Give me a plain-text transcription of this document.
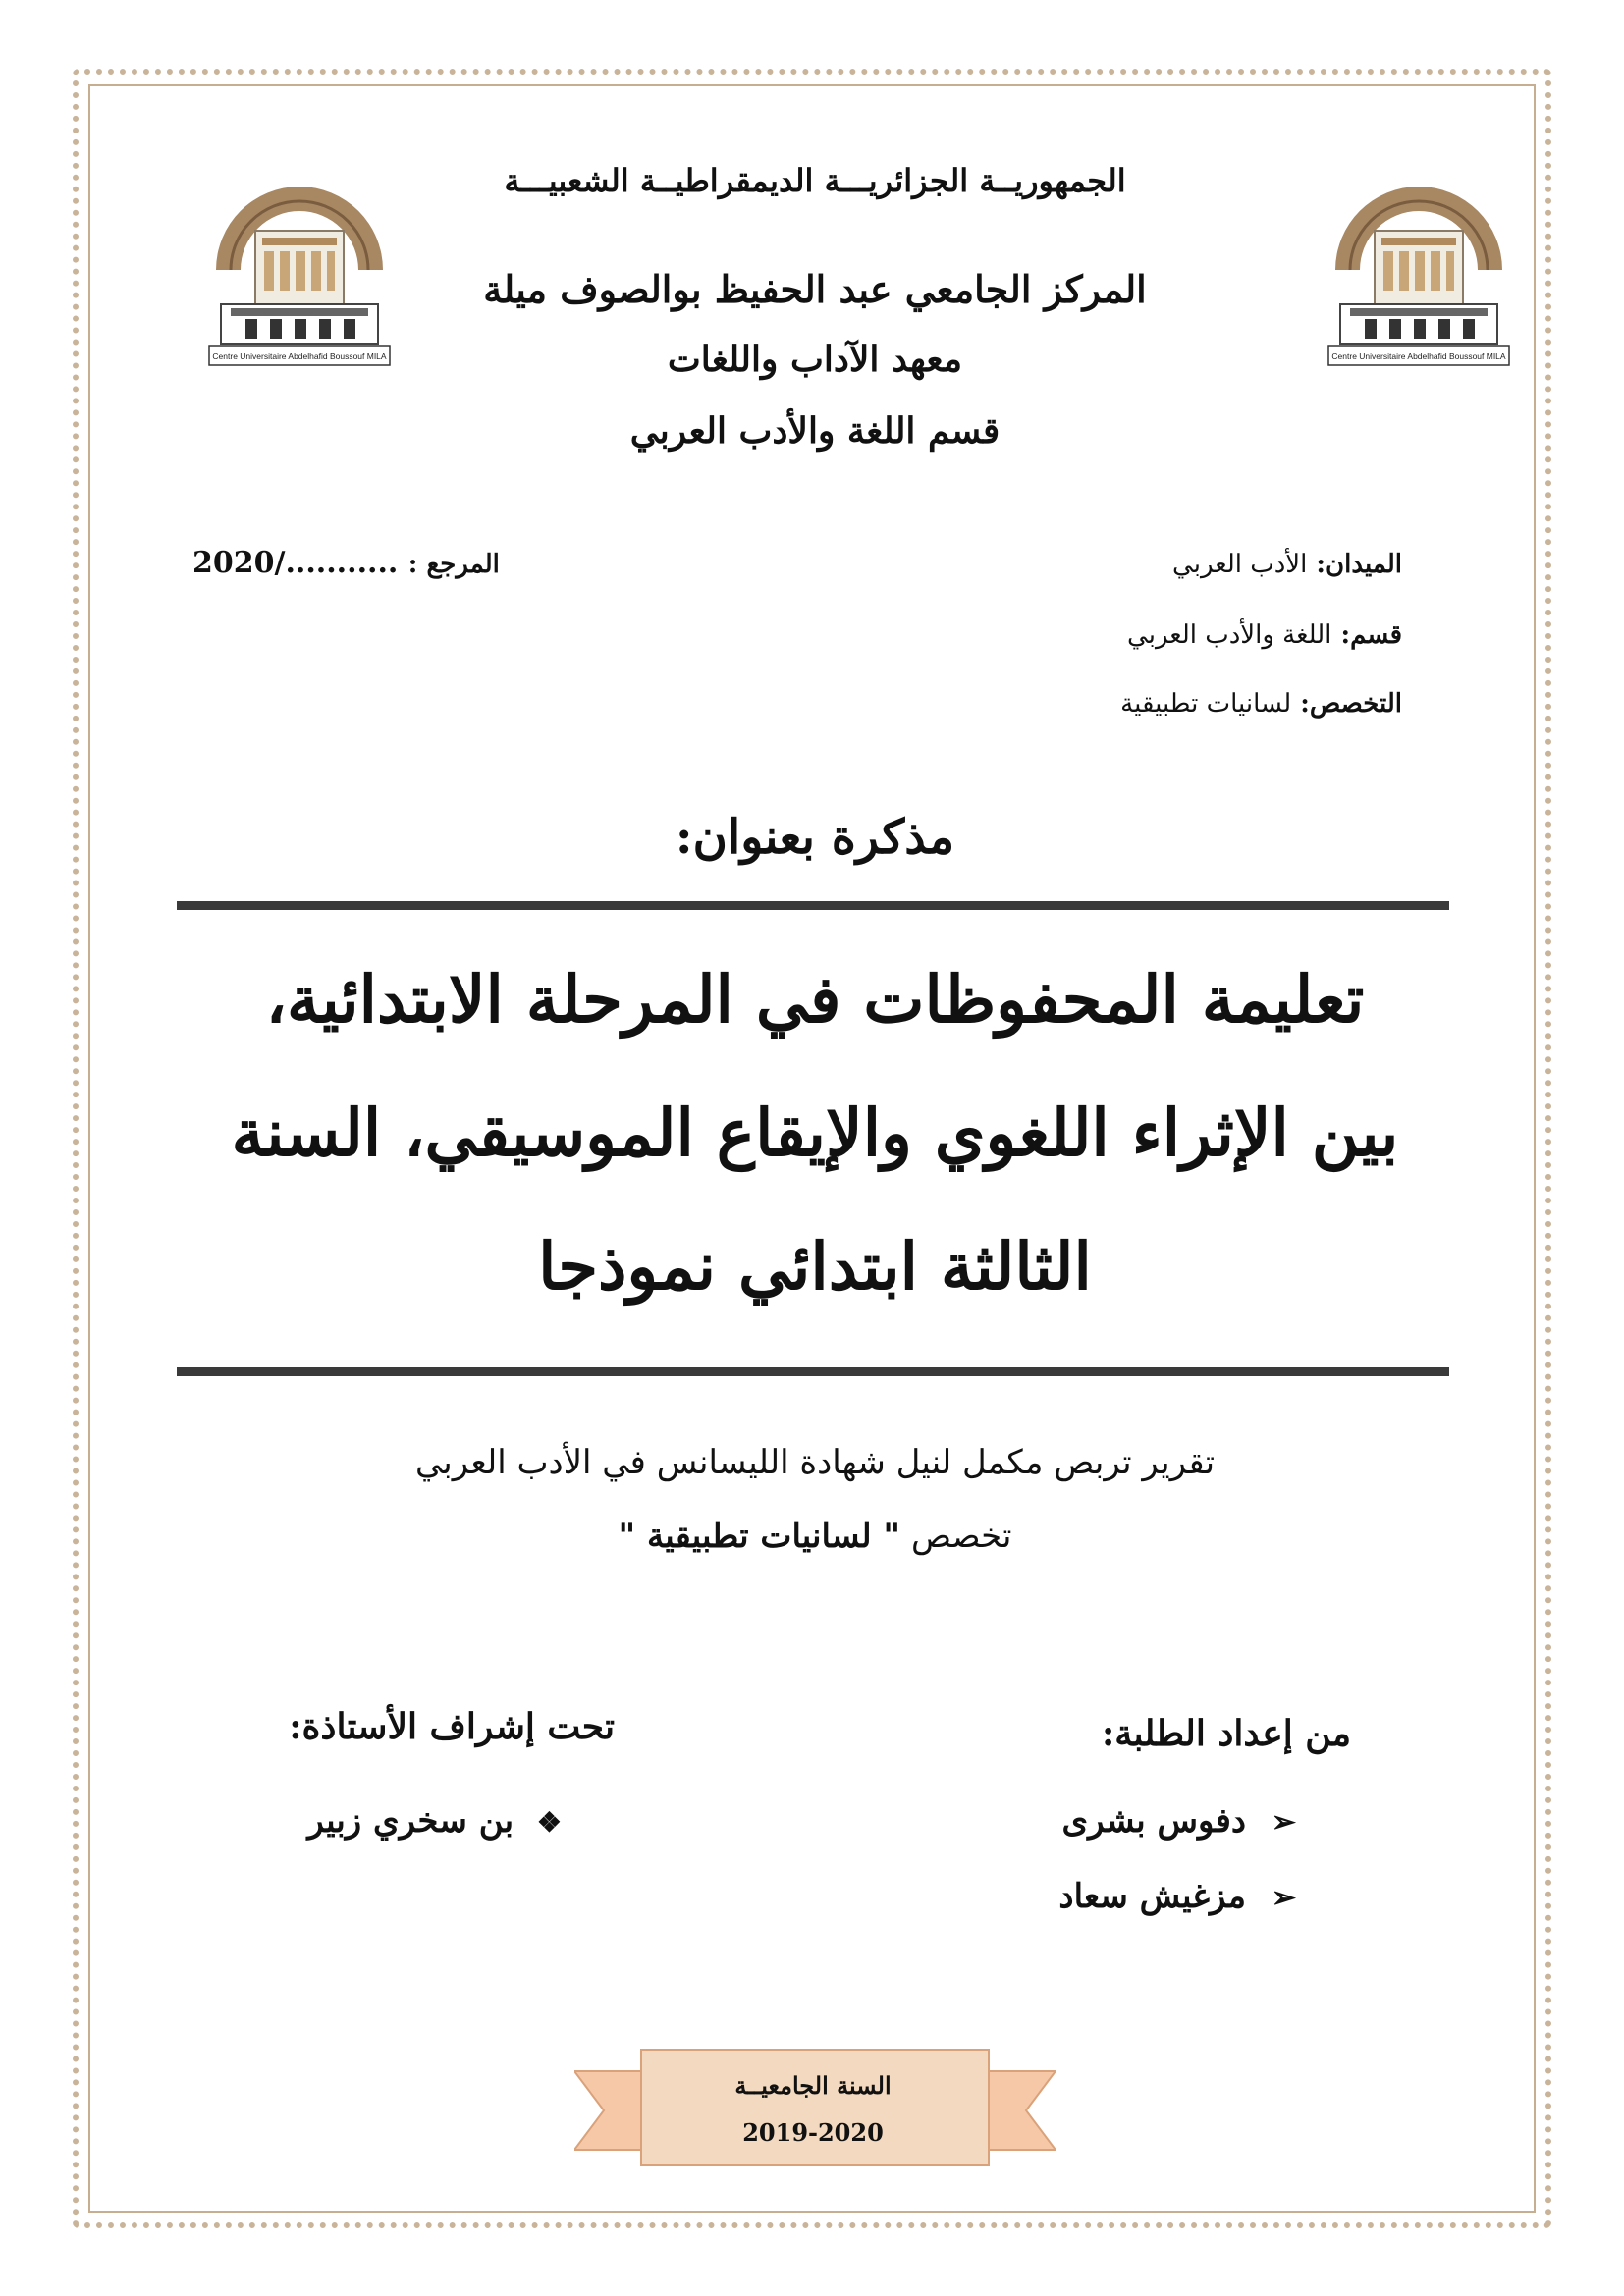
Centre Universitaire Abdelhafid Boussouf MILA	Centre Universitaire Abdelhafid Boussouf MILA
الجمهوريــة الجزائريـــة الديمقراطيــة الشعبيـــة
المركز الجامعي عبد الحفيظ بوالصوف ميلة
معهد الآداب واللغات
قسم اللغة والأدب العربي
الميدان: الأدب العربي
قسم: اللغة والأدب العربي
التخصص: لسانيات تطبيقية
المرجع : 2020/...........
مذكرة بعنوان:
تعليمة المحفوظات في المرحلة الابتدائية، بين الإثراء اللغوي والإيقاع الموسيقي، السنة الثالثة ابتدائي نموذجا
تقرير تربص مكمل لنيل شهادة الليسانس في الأدب العربي
تخصص " لسانيات تطبيقية "
من إعداد الطلبة:
تحت إشراف الأستاذة:
➢ دفوس بشرى
➢ مزغيش سعاد
❖ بن سخري زبير
السنة الجامعيــة
2019-2020
